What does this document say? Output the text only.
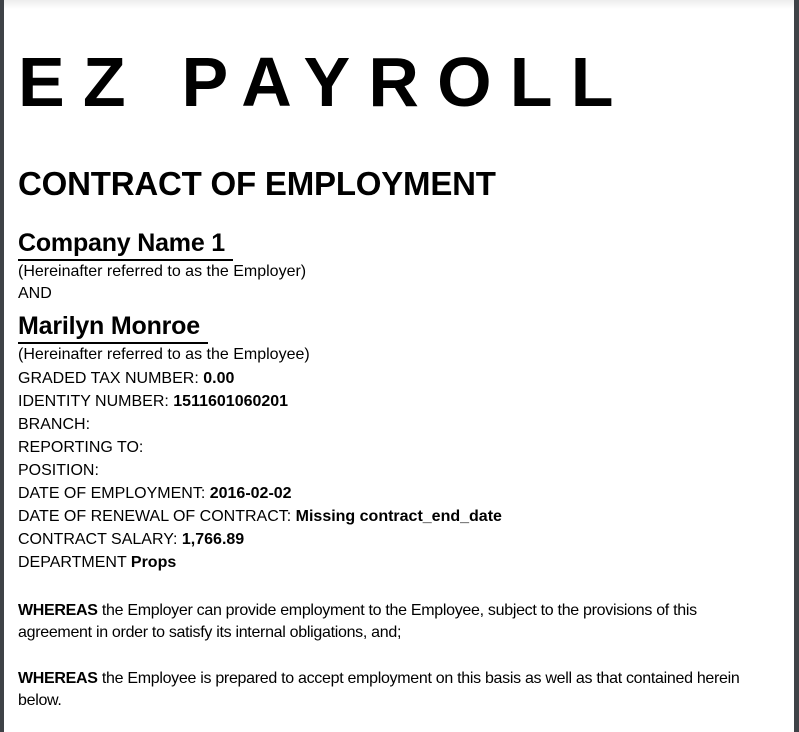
EZ PAYROLL
CONTRACT OF EMPLOYMENT
Company Name 1
(Hereinafter referred to as the Employer)
AND
Marilyn Monroe
(Hereinafter referred to as the Employee)
GRADED TAX NUMBER: 0.00
IDENTITY NUMBER: 1511601060201
BRANCH:
REPORTING TO:
POSITION:
DATE OF EMPLOYMENT: 2016-02-02
DATE OF RENEWAL OF CONTRACT: Missing contract_end_date
CONTRACT SALARY: 1,766.89
DEPARTMENT Props
WHEREAS the Employer can provide employment to the Employee, subject to the provisions of this agreement in order to satisfy its internal obligations, and;
WHEREAS the Employee is prepared to accept employment on this basis as well as that contained herein below.
